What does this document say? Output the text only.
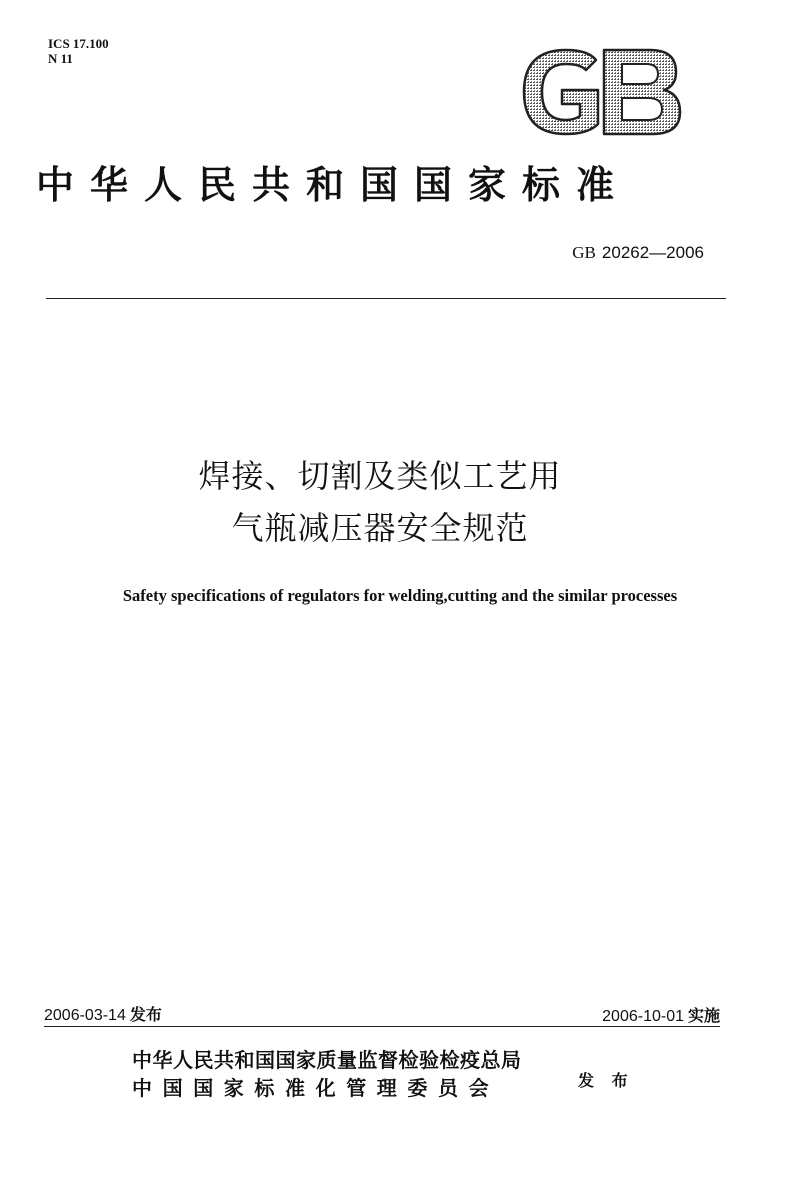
ICS 17.100
N 11
中华人民共和国国家标准
GB 20262—2006
焊接、切割及类似工艺用
气瓶减压器安全规范
Safety specifications of regulators for welding,cutting and the similar processes
2006-03-14 发布	2006-10-01 实施
中华人民共和国国家质量监督检验检疫总局
中国国家标准化管理委员会	发 布
